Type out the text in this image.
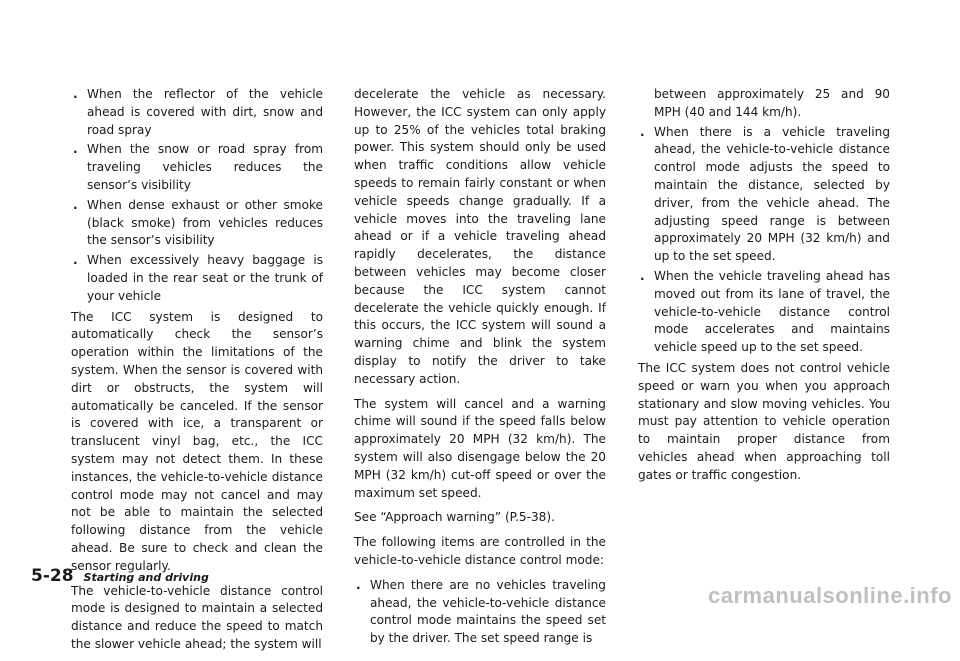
. When the reflector of the vehicle ahead is covered with dirt, snow and road spray
. When the snow or road spray from traveling vehicles reduces the sensor’s visibility
. When dense exhaust or other smoke (black smoke) from vehicles reduces the sensor’s visibility
. When excessively heavy baggage is loaded in the rear seat or the trunk of your vehicle

The ICC system is designed to automatically check the sensor’s operation within the limitations of the system. When the sensor is covered with dirt or obstructs, the system will automatically be canceled. If the sensor is covered with ice, a transparent or translucent vinyl bag, etc., the ICC system may not detect them. In these instances, the vehicle-to-vehicle distance control mode may not cancel and may not be able to maintain the selected following distance from the vehicle ahead. Be sure to check and clean the sensor regularly.

The vehicle-to-vehicle distance control mode is designed to maintain a selected distance and reduce the speed to match the slower vehicle ahead; the system will

decelerate the vehicle as necessary. However, the ICC system can only apply up to 25% of the vehicles total braking power. This system should only be used when traffic conditions allow vehicle speeds to remain fairly constant or when vehicle speeds change gradually. If a vehicle moves into the traveling lane ahead or if a vehicle traveling ahead rapidly decelerates, the distance between vehicles may become closer because the ICC system cannot decelerate the vehicle quickly enough. If this occurs, the ICC system will sound a warning chime and blink the system display to notify the driver to take necessary action.

The system will cancel and a warning chime will sound if the speed falls below approximately 20 MPH (32 km/h). The system will also disengage below the 20 MPH (32 km/h) cut-off speed or over the maximum set speed.

See “Approach warning” (P.5-38).

The following items are controlled in the vehicle-to-vehicle distance control mode:

. When there are no vehicles traveling ahead, the vehicle-to-vehicle distance control mode maintains the speed set by the driver. The set speed range is
between approximately 25 and 90 MPH (40 and 144 km/h).
. When there is a vehicle traveling ahead, the vehicle-to-vehicle distance control mode adjusts the speed to maintain the distance, selected by driver, from the vehicle ahead. The adjusting speed range is between approximately 20 MPH (32 km/h) and up to the set speed.
. When the vehicle traveling ahead has moved out from its lane of travel, the vehicle-to-vehicle distance control mode accelerates and maintains vehicle speed up to the set speed.

The ICC system does not control vehicle speed or warn you when you approach stationary and slow moving vehicles. You must pay attention to vehicle operation to maintain proper distance from vehicles ahead when approaching toll gates or traffic congestion.

5-28 Starting and driving
carmanualsonline.info
